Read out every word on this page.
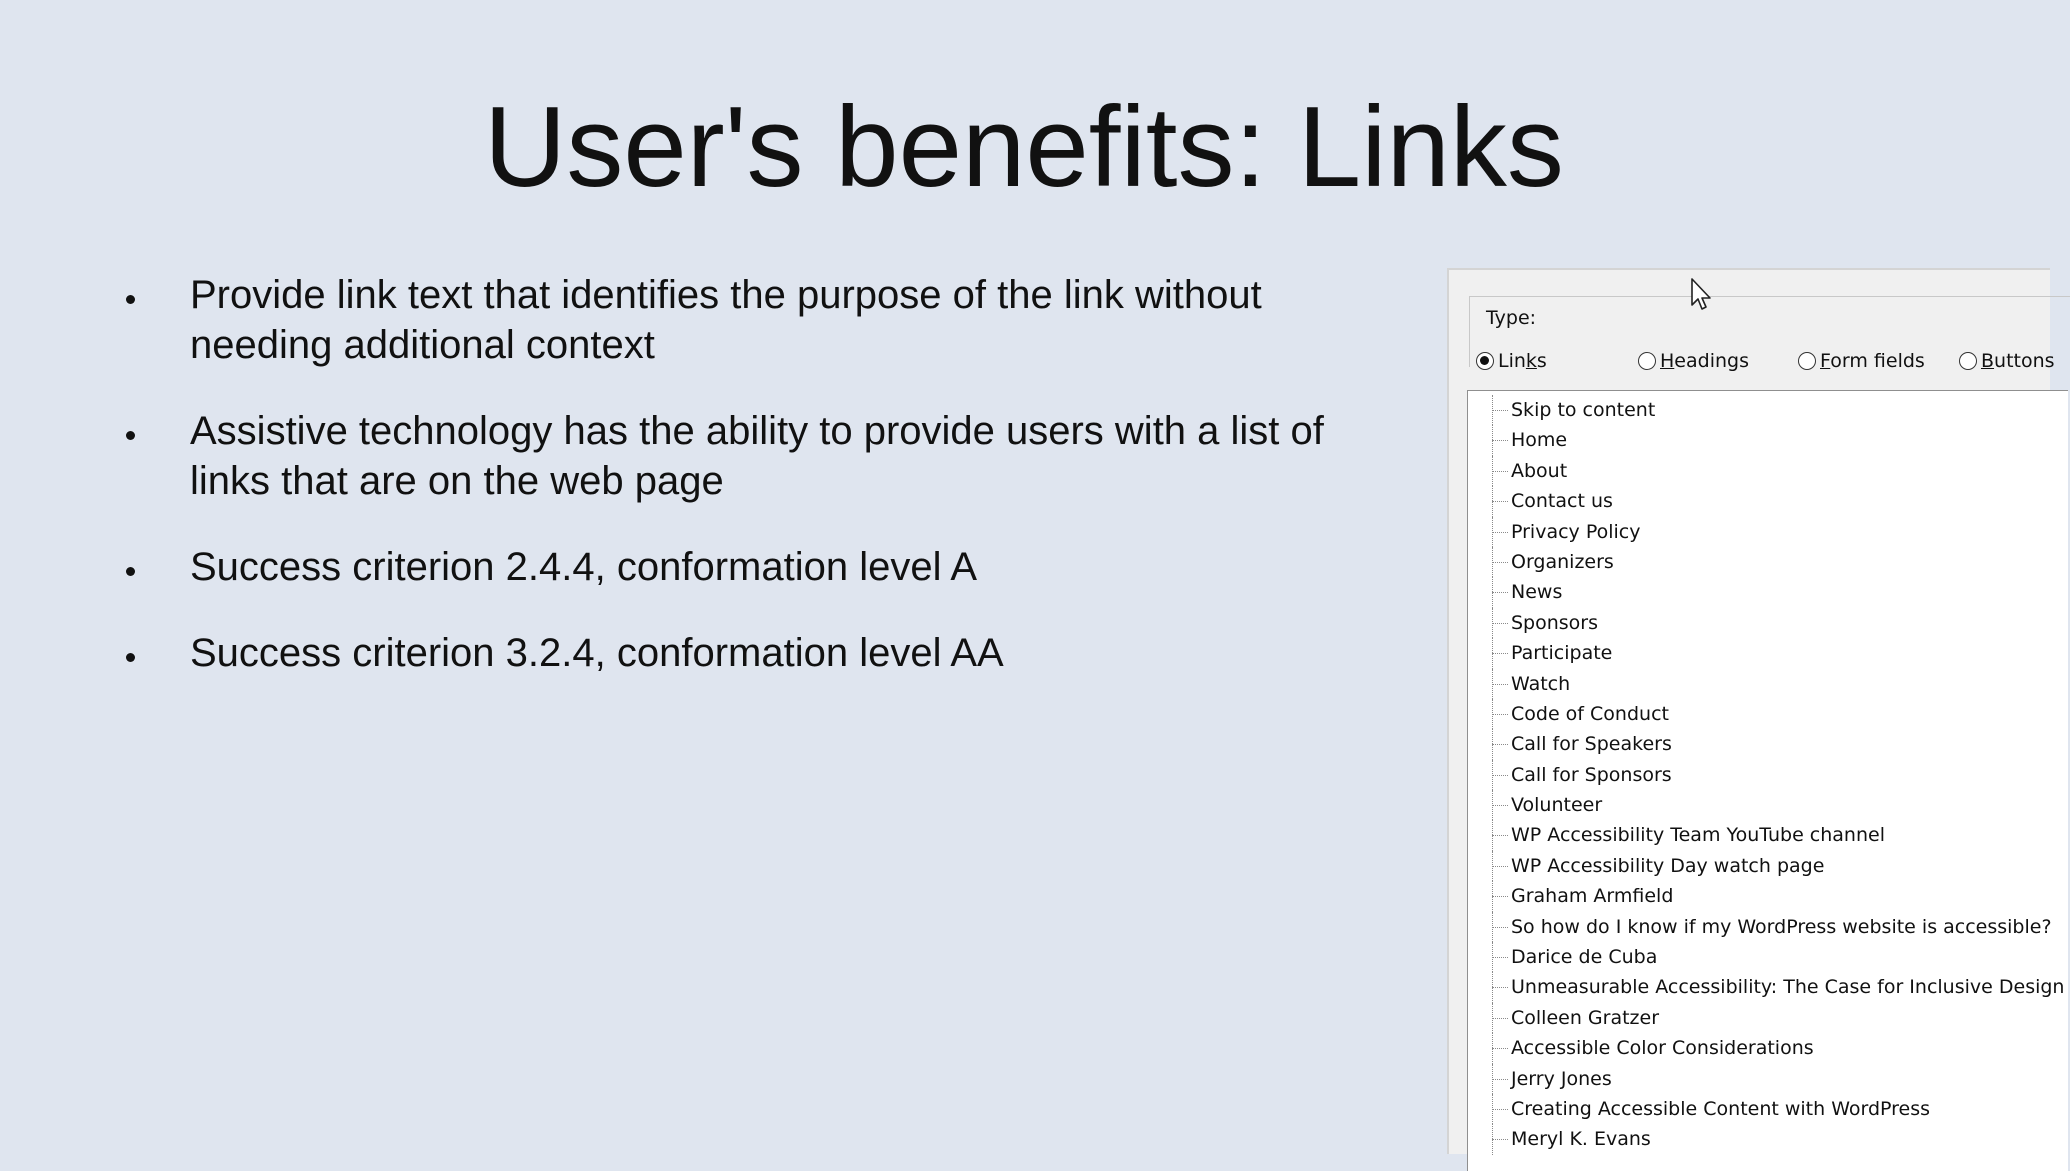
User's benefits: Links
Provide link text that identifies the purpose of the link without needing additional context
Assistive technology has the ability to provide users with a list of links that are on the web page
Success criterion 2.4.4, conformation level A
Success criterion 3.2.4, conformation level AA
Type:
Links	Headings	Form fields	Buttons
Skip to content
Home
About
Contact us
Privacy Policy
Organizers
News
Sponsors
Participate
Watch
Code of Conduct
Call for Speakers
Call for Sponsors
Volunteer
WP Accessibility Team YouTube channel
WP Accessibility Day watch page
Graham Armfield
So how do I know if my WordPress website is accessible?
Darice de Cuba
Unmeasurable Accessibility: The Case for Inclusive Design
Colleen Gratzer
Accessible Color Considerations
Jerry Jones
Creating Accessible Content with WordPress
Meryl K. Evans
